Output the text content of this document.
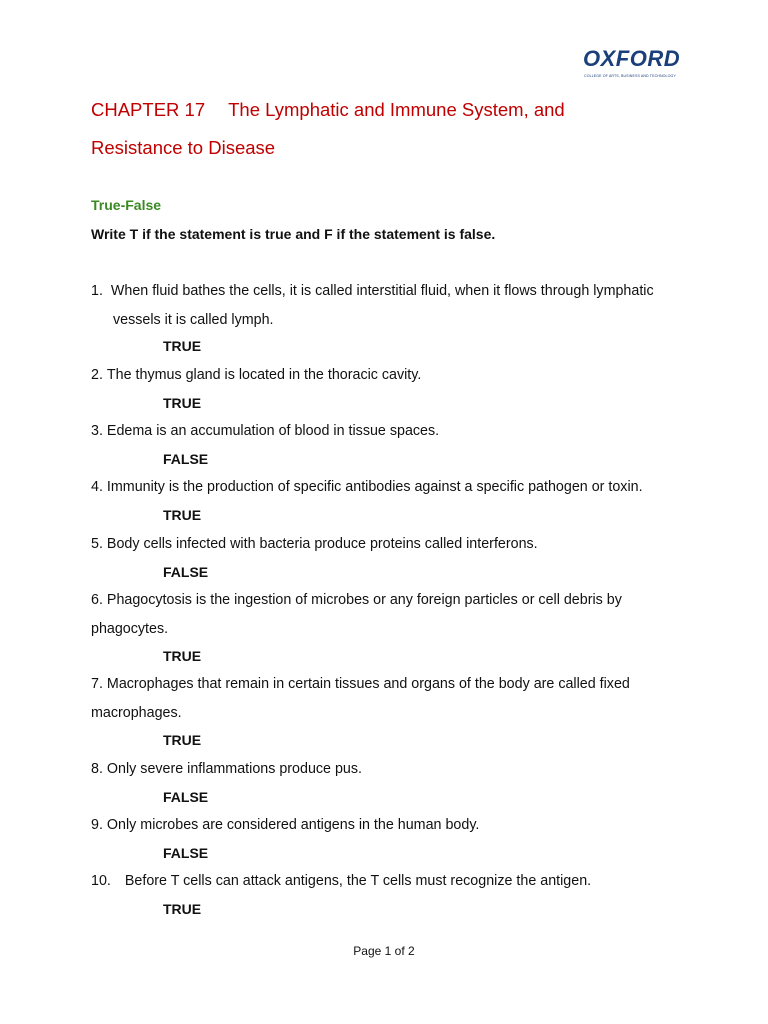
OXFORD
COLLEGE OF ARTS, BUSINESS AND TECHNOLOGY
CHAPTER 17 The Lymphatic and Immune System, and
Resistance to Disease
True-False
Write T if the statement is true and F if the statement is false.
1. When fluid bathes the cells, it is called interstitial fluid, when it flows through lymphatic
vessels it is called lymph.
TRUE
2. The thymus gland is located in the thoracic cavity.
TRUE
3. Edema is an accumulation of blood in tissue spaces.
FALSE
4. Immunity is the production of specific antibodies against a specific pathogen or toxin.
TRUE
5. Body cells infected with bacteria produce proteins called interferons.
FALSE
6. Phagocytosis is the ingestion of microbes or any foreign particles or cell debris by
phagocytes.
TRUE
7. Macrophages that remain in certain tissues and organs of the body are called fixed
macrophages.
TRUE
8. Only severe inflammations produce pus.
FALSE
9. Only microbes are considered antigens in the human body.
FALSE
10. Before T cells can attack antigens, the T cells must recognize the antigen.
TRUE
Page 1 of 2
